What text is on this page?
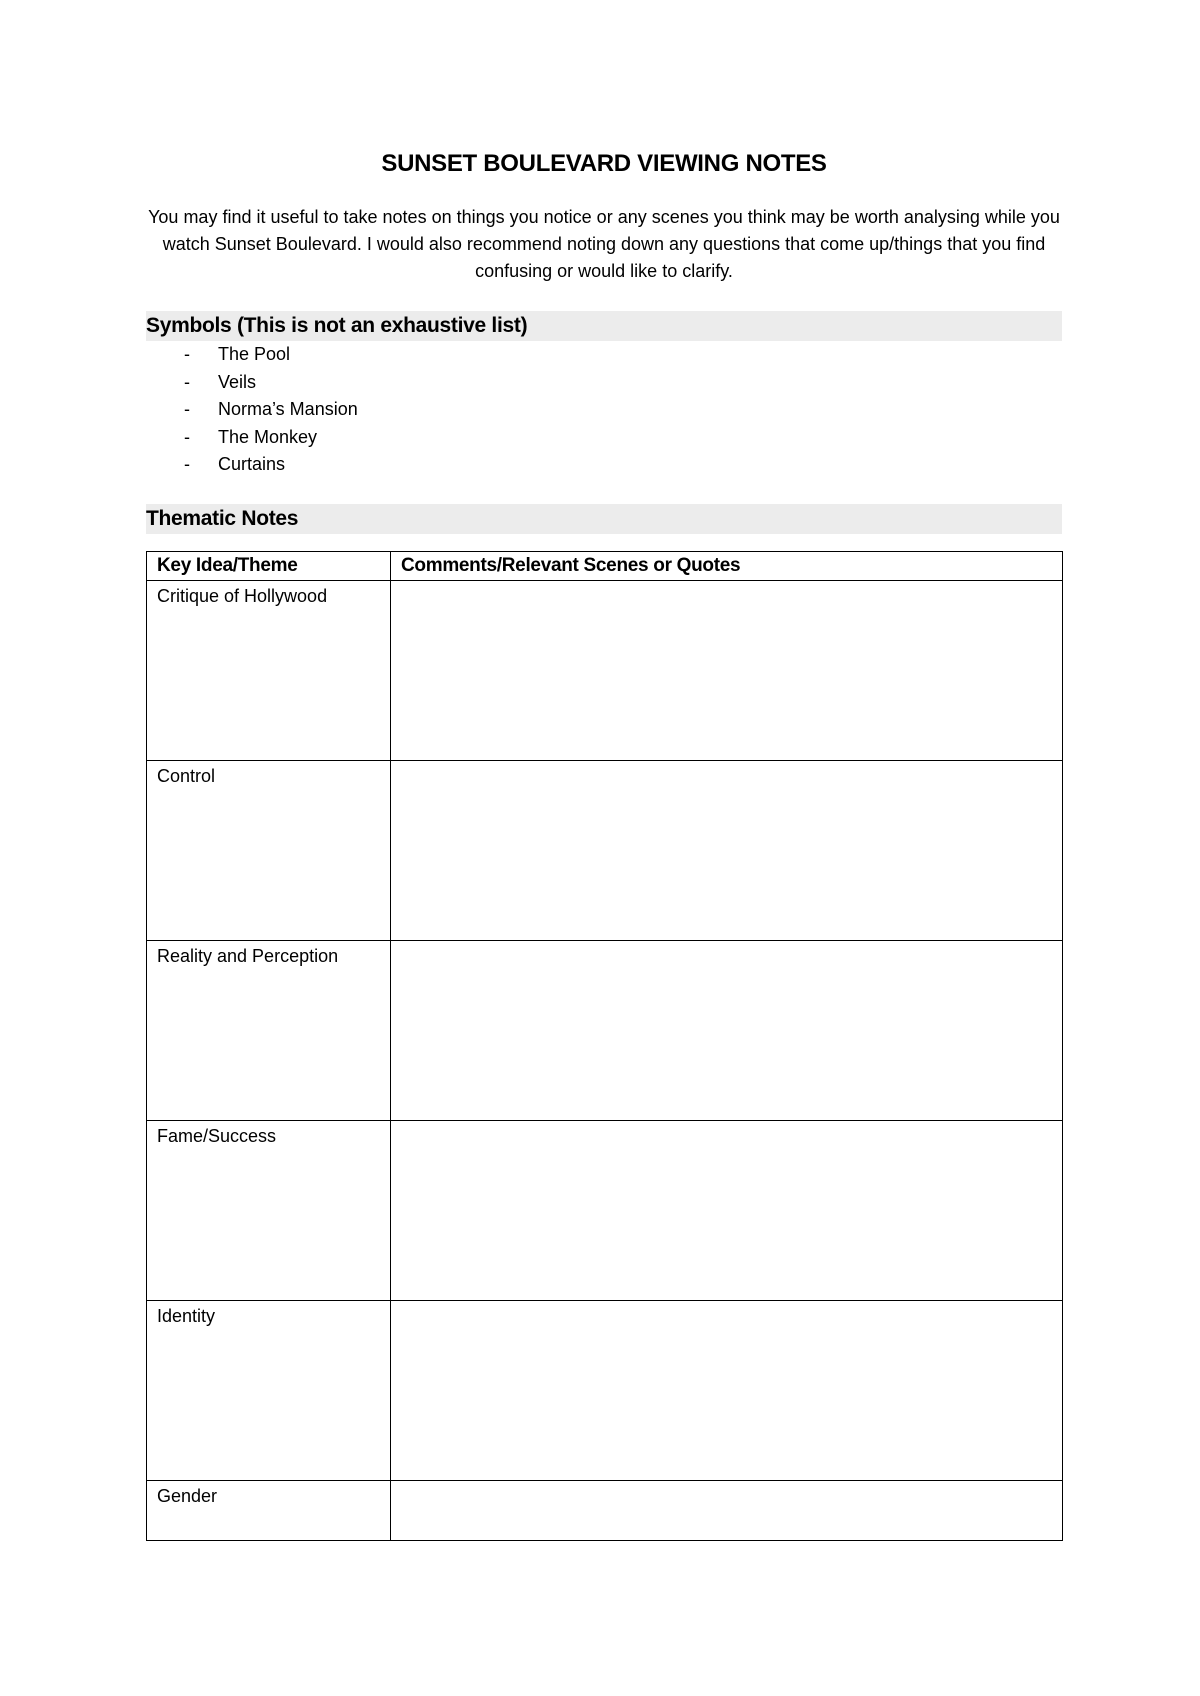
SUNSET BOULEVARD VIEWING NOTES
You may find it useful to take notes on things you notice or any scenes you think may be worth analysing while you watch Sunset Boulevard. I would also recommend noting down any questions that come up/things that you find confusing or would like to clarify.
Symbols (This is not an exhaustive list)
- The Pool
- Veils
- Norma’s Mansion
- The Monkey
- Curtains
Thematic Notes
Key Idea/Theme	Comments/Relevant Scenes or Quotes
Critique of Hollywood	
Control	
Reality and Perception	
Fame/Success	
Identity	
Gender	
